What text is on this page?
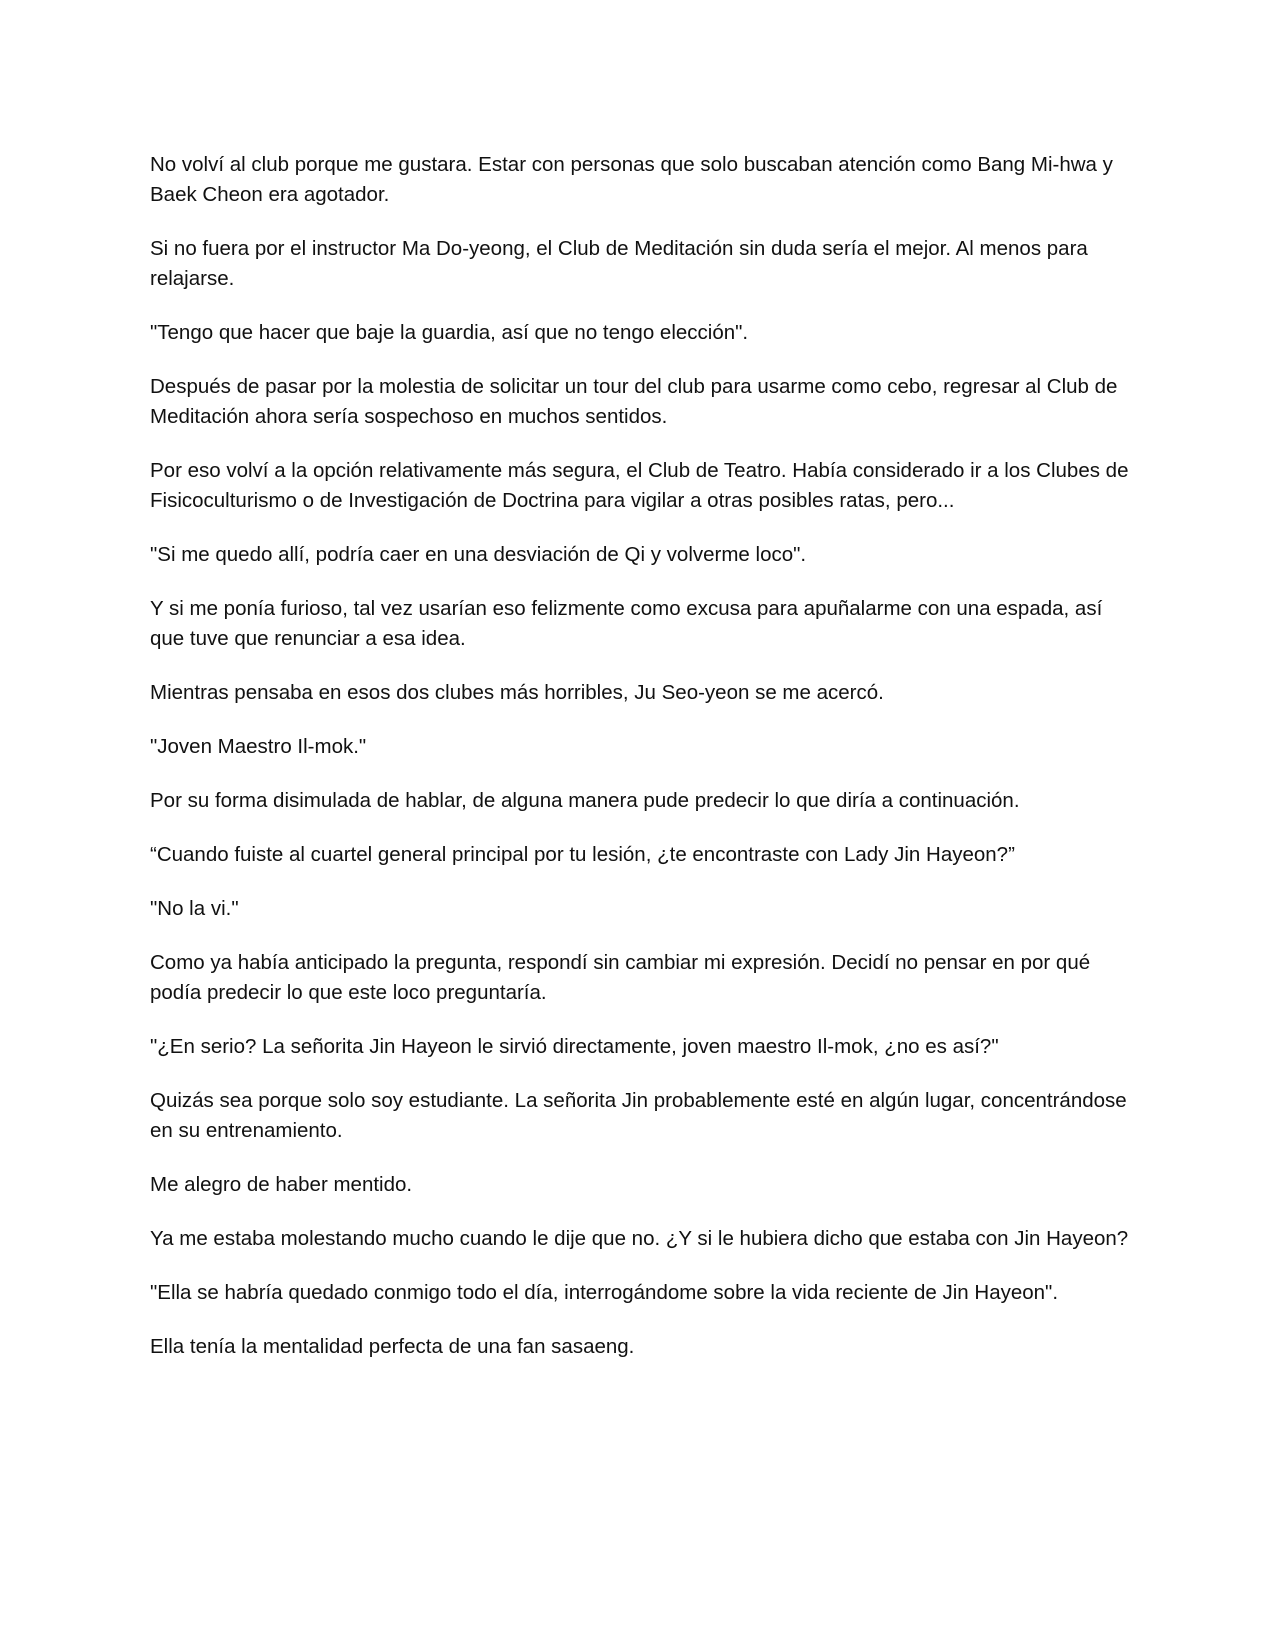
No volví al club porque me gustara. Estar con personas que solo buscaban atención como Bang Mi-hwa y Baek Cheon era agotador.

Si no fuera por el instructor Ma Do-yeong, el Club de Meditación sin duda sería el mejor. Al menos para relajarse.

"Tengo que hacer que baje la guardia, así que no tengo elección".

Después de pasar por la molestia de solicitar un tour del club para usarme como cebo, regresar al Club de Meditación ahora sería sospechoso en muchos sentidos.

Por eso volví a la opción relativamente más segura, el Club de Teatro. Había considerado ir a los Clubes de Fisicoculturismo o de Investigación de Doctrina para vigilar a otras posibles ratas, pero...

"Si me quedo allí, podría caer en una desviación de Qi y volverme loco".

Y si me ponía furioso, tal vez usarían eso felizmente como excusa para apuñalarme con una espada, así que tuve que renunciar a esa idea.

Mientras pensaba en esos dos clubes más horribles, Ju Seo-yeon se me acercó.

"Joven Maestro Il-mok."

Por su forma disimulada de hablar, de alguna manera pude predecir lo que diría a continuación.

“Cuando fuiste al cuartel general principal por tu lesión, ¿te encontraste con Lady Jin Hayeon?”

"No la vi."

Como ya había anticipado la pregunta, respondí sin cambiar mi expresión. Decidí no pensar en por qué podía predecir lo que este loco preguntaría.

"¿En serio? La señorita Jin Hayeon le sirvió directamente, joven maestro Il-mok, ¿no es así?"

Quizás sea porque solo soy estudiante. La señorita Jin probablemente esté en algún lugar, concentrándose en su entrenamiento.

Me alegro de haber mentido.

Ya me estaba molestando mucho cuando le dije que no. ¿Y si le hubiera dicho que estaba con Jin Hayeon?

"Ella se habría quedado conmigo todo el día, interrogándome sobre la vida reciente de Jin Hayeon".

Ella tenía la mentalidad perfecta de una fan sasaeng.
